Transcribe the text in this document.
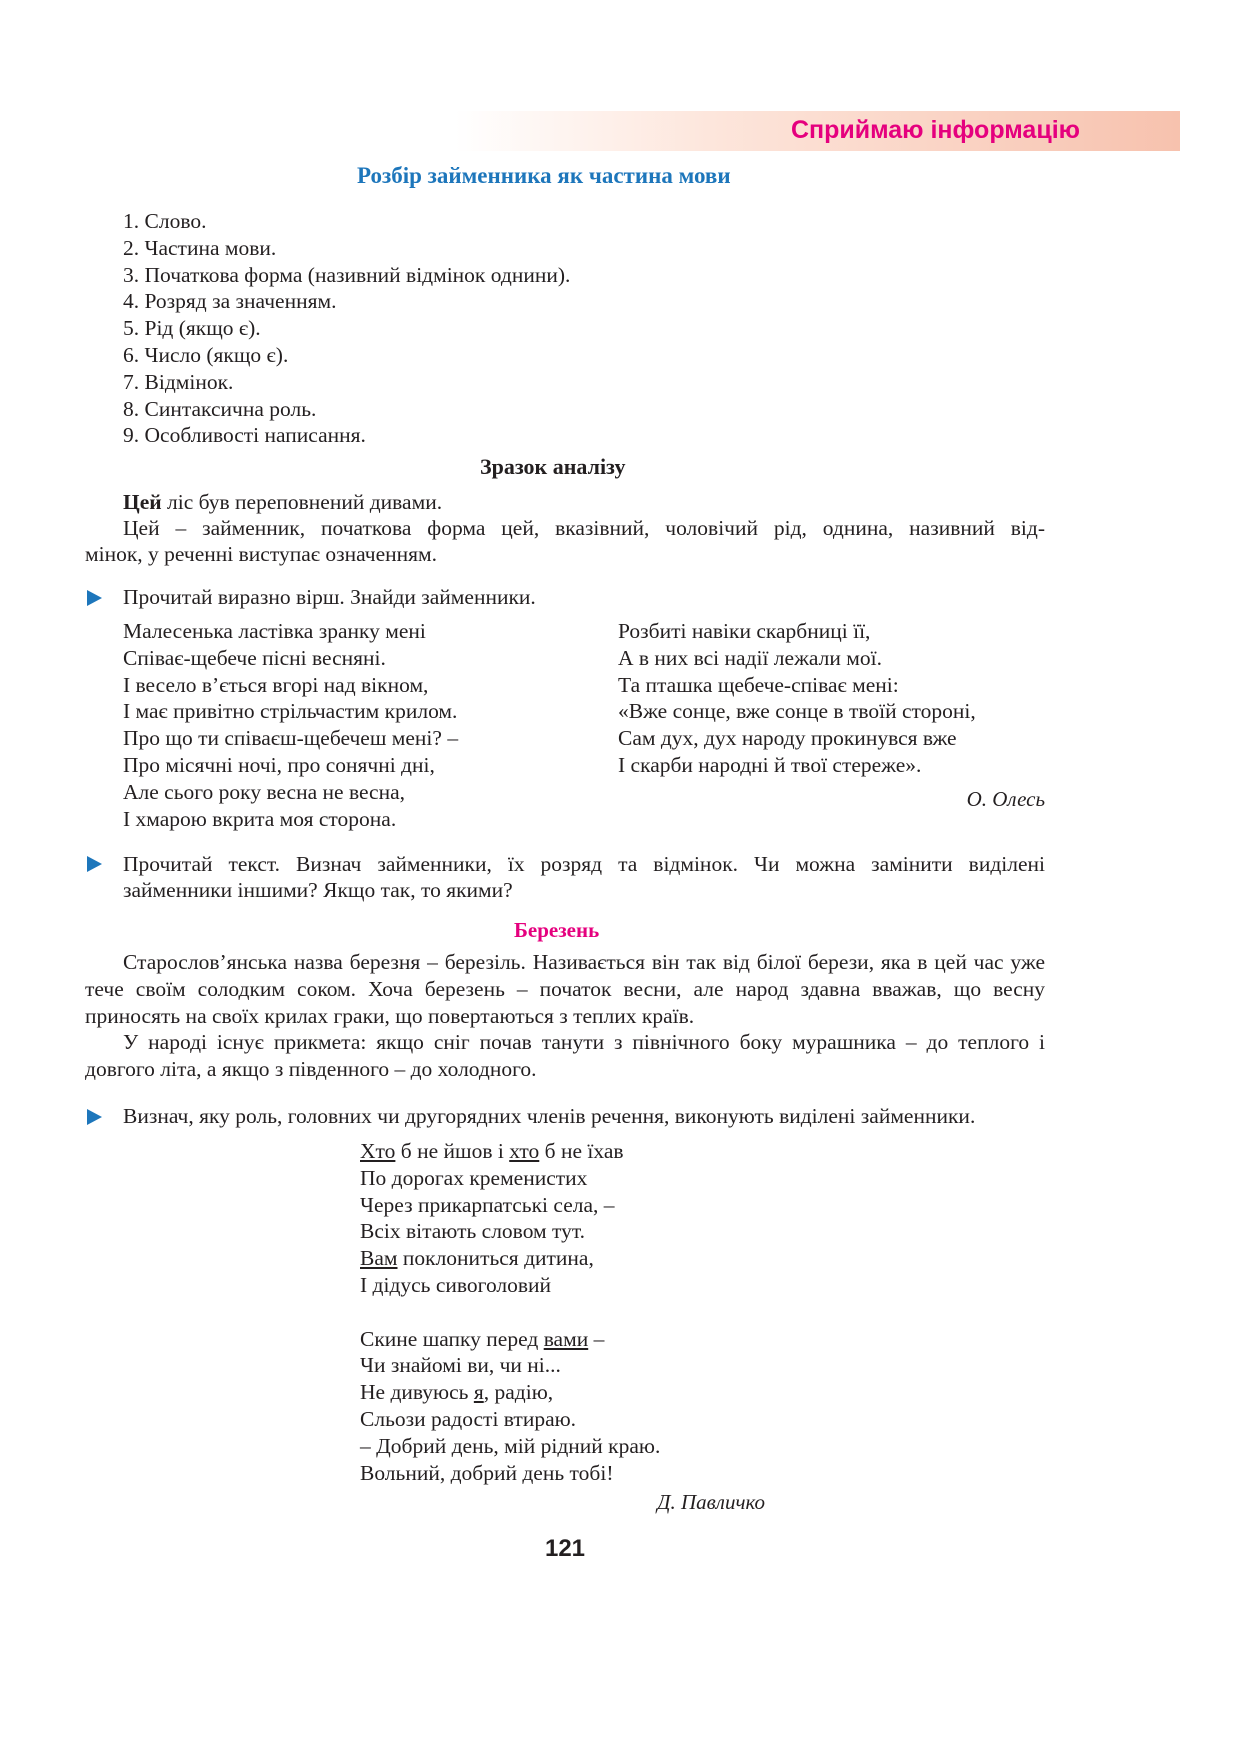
Сприймаю інформацію
Розбір займенника як частина мови
1. Слово.
2. Частина мови.
3. Початкова форма (називний відмінок однини).
4. Розряд за значенням.
5. Рід (якщо є).
6. Число (якщо є).
7. Відмінок.
8. Синтаксична роль.
9. Особливості написання.
Зразок аналізу
Цей ліс був переповнений дивами.
Цей – займенник, початкова форма цей, вказівний, чоловічий рід, однина, називний від-
мінок, у реченні виступає означенням.
Прочитай виразно вірш. Знайди займенники.
Малесенька ластівка зранку мені
Співає-щебече пісні весняні.
І весело в’ється вгорі над вікном,
І має привітно стрільчастим крилом.
Про що ти співаєш-щебечеш мені? –
Про місячні ночі, про сонячні дні,
Але сього року весна не весна,
І хмарою вкрита моя сторона.
Розбиті навіки скарбниці її,
А в них всі надії лежали мої.
Та пташка щебече-співає мені:
«Вже сонце, вже сонце в твоїй стороні,
Сам дух, дух народу прокинувся вже
І скарби народні й твої стереже».
О. Олесь
Прочитай текст. Визнач займенники, їх розряд та відмінок. Чи можна замінити виділені
займенники іншими? Якщо так, то якими?
Березень
Старослов’янська назва березня – березіль. Називається він так від білої берези, яка в цей час уже тече своїм солодким соком. Хоча березень – початок весни, але народ здавна вважав, що весну приносять на своїх крилах граки, що повертаються з теплих країв.
У народі існує прикмета: якщо сніг почав танути з північного боку мурашника – до теплого і довгого літа, а якщо з південного – до холодного.
Визнач, яку роль, головних чи другорядних членів речення, виконують виділені займенники.
Хто б не йшов і хто б не їхав
По дорогах кременистих
Через прикарпатські села, –
Всіх вітають словом тут.
Вам поклониться дитина,
І дідусь сивоголовий

Скине шапку перед вами –
Чи знайомі ви, чи ні...
Не дивуюсь я, радію,
Сльози радості втираю.
– Добрий день, мій рідний краю.
Вольний, добрий день тобі!
Д. Павличко
121
